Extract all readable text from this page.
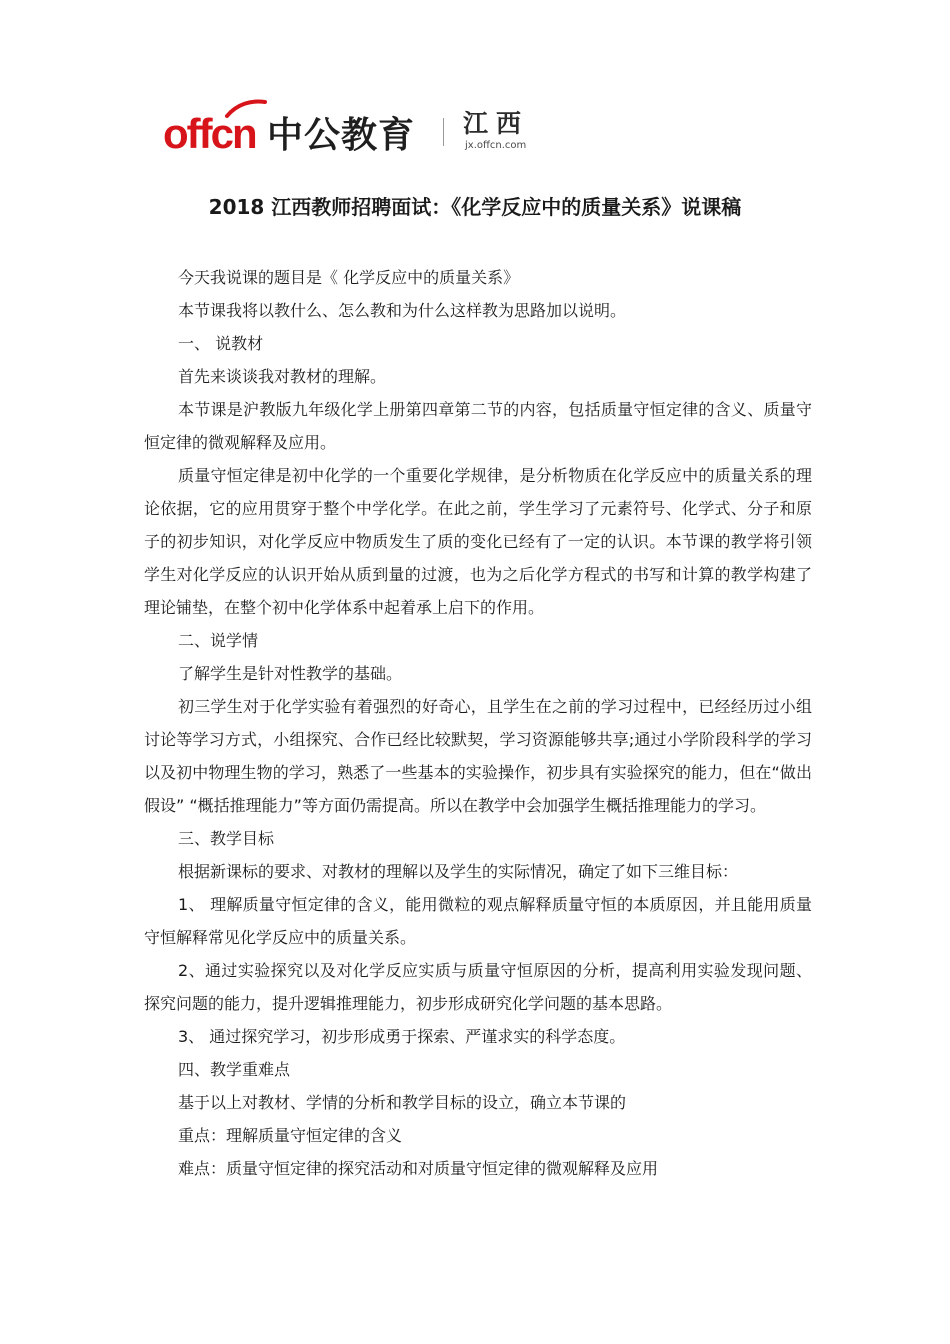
offcn 中公教育 江西
jx.offcn.com
2018 江西教师招聘面试：《化学反应中的质量关系》说课稿

今天我说课的题目是《 化学反应中的质量关系》

本节课我将以教什么、怎么教和为什么这样教为思路加以说明。

一、 说教材

首先来谈谈我对教材的理解。

本节课是沪教版九年级化学上册第四章第二节的内容，包括质量守恒定律的含义、质量守恒定律的微观解释及应用。

质量守恒定律是初中化学的一个重要化学规律，是分析物质在化学反应中的质量关系的理论依据，它的应用贯穿于整个中学化学。在此之前，学生学习了元素符号、化学式、分子和原子的初步知识，对化学反应中物质发生了质的变化已经有了一定的认识。本节课的教学将引领学生对化学反应的认识开始从质到量的过渡，也为之后化学方程式的书写和计算的教学构建了理论铺垫，在整个初中化学体系中起着承上启下的作用。

二、说学情

了解学生是针对性教学的基础。

初三学生对于化学实验有着强烈的好奇心，且学生在之前的学习过程中，已经经历过小组讨论等学习方式，小组探究、合作已经比较默契，学习资源能够共享;通过小学阶段科学的学习以及初中物理生物的学习，熟悉了一些基本的实验操作，初步具有实验探究的能力，但在“做出假设” “概括推理能力”等方面仍需提高。所以在教学中会加强学生概括推理能力的学习。

三、教学目标

根据新课标的要求、对教材的理解以及学生的实际情况，确定了如下三维目标：

1、 理解质量守恒定律的含义，能用微粒的观点解释质量守恒的本质原因，并且能用质量守恒解释常见化学反应中的质量关系。

2、通过实验探究以及对化学反应实质与质量守恒原因的分析，提高利用实验发现问题、探究问题的能力，提升逻辑推理能力，初步形成研究化学问题的基本思路。

3、 通过探究学习，初步形成勇于探索、严谨求实的科学态度。

四、教学重难点

基于以上对教材、学情的分析和教学目标的设立，确立本节课的

重点：理解质量守恒定律的含义

难点：质量守恒定律的探究活动和对质量守恒定律的微观解释及应用
